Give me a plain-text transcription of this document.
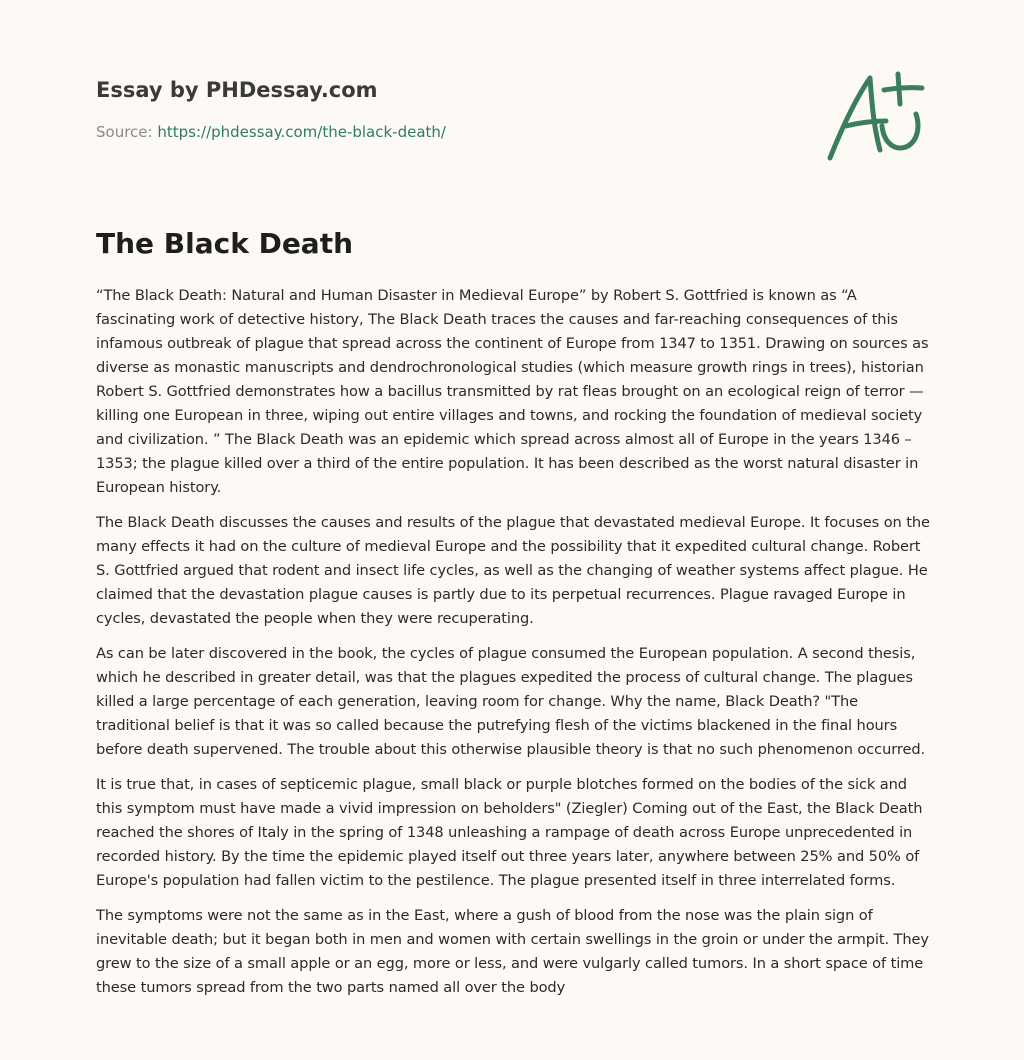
Essay by PHDessay.com
Source: https://phdessay.com/the-black-death/
The Black Death

“The Black Death: Natural and Human Disaster in Medieval Europe” by Robert S. Gottfried is known as “A fascinating work of detective history, The Black Death traces the causes and far-reaching consequences of this infamous outbreak of plague that spread across the continent of Europe from 1347 to 1351. Drawing on sources as diverse as monastic manuscripts and dendrochronological studies (which measure growth rings in trees), historian Robert S. Gottfried demonstrates how a bacillus transmitted by rat fleas brought on an ecological reign of terror — killing one European in three, wiping out entire villages and towns, and rocking the foundation of medieval society and civilization. ” The Black Death was an epidemic which spread across almost all of Europe in the years 1346 –1353; the plague killed over a third of the entire population. It has been described as the worst natural disaster in European history.

The Black Death discusses the causes and results of the plague that devastated medieval Europe. It focuses on the many effects it had on the culture of medieval Europe and the possibility that it expedited cultural change. Robert S. Gottfried argued that rodent and insect life cycles, as well as the changing of weather systems affect plague. He claimed that the devastation plague causes is partly due to its perpetual recurrences. Plague ravaged Europe in cycles, devastated the people when they were recuperating.

As can be later discovered in the book, the cycles of plague consumed the European population. A second thesis, which he described in greater detail, was that the plagues expedited the process of cultural change. The plagues killed a large percentage of each generation, leaving room for change. Why the name, Black Death? "The traditional belief is that it was so called because the putrefying flesh of the victims blackened in the final hours before death supervened. The trouble about this otherwise plausible theory is that no such phenomenon occurred.

It is true that, in cases of septicemic plague, small black or purple blotches formed on the bodies of the sick and this symptom must have made a vivid impression on beholders" (Ziegler) Coming out of the East, the Black Death reached the shores of Italy in the spring of 1348 unleashing a rampage of death across Europe unprecedented in recorded history. By the time the epidemic played itself out three years later, anywhere between 25% and 50% of Europe's population had fallen victim to the pestilence. The plague presented itself in three interrelated forms.

The symptoms were not the same as in the East, where a gush of blood from the nose was the plain sign of inevitable death; but it began both in men and women with certain swellings in the groin or under the armpit. They grew to the size of a small apple or an egg, more or less, and were vulgarly called tumors. In a short space of time these tumors spread from the two parts named all over the body
